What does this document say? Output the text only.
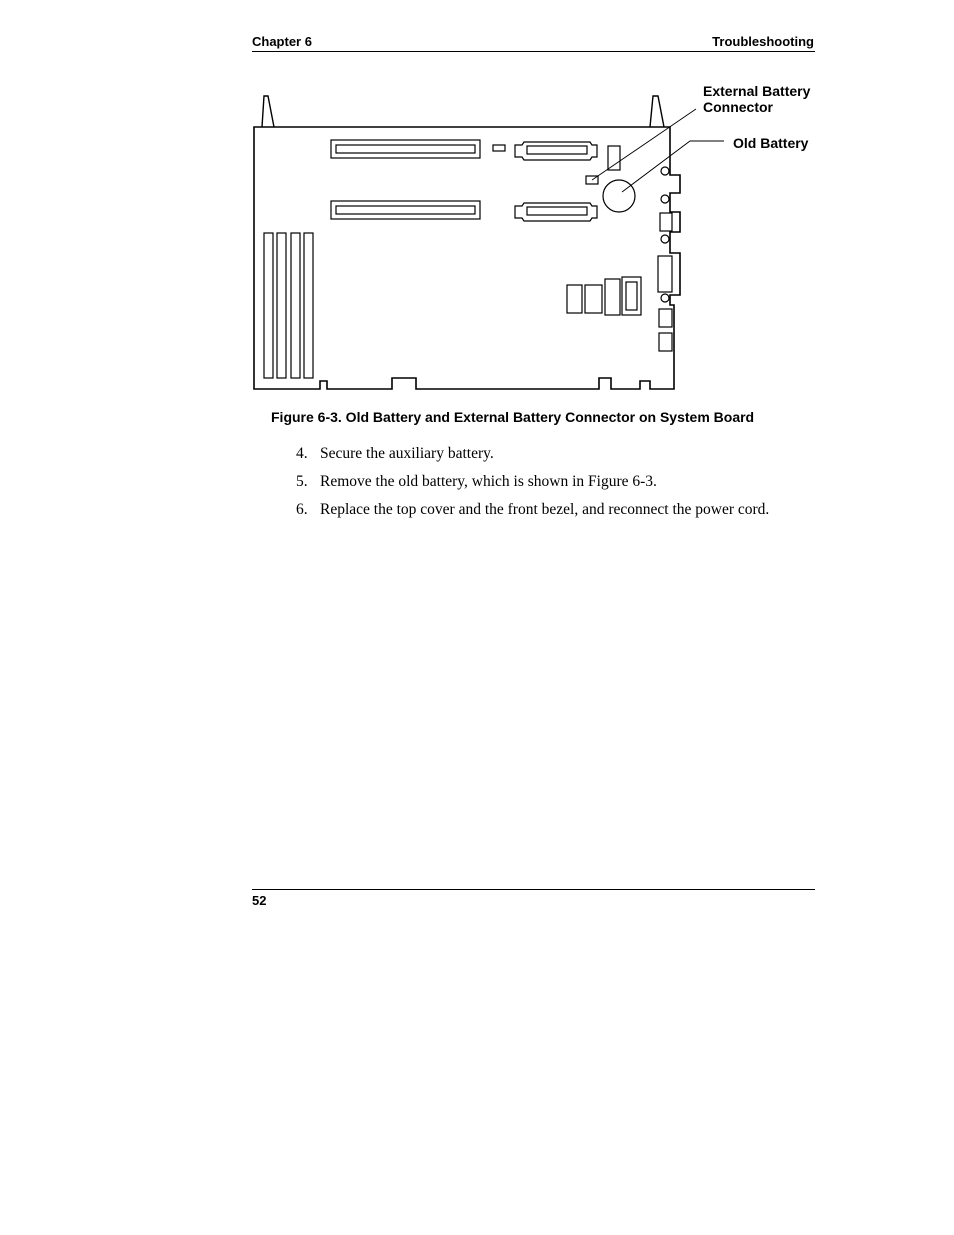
Chapter 6	Troubleshooting
External Battery
Connector
Old Battery
Figure 6-3. Old Battery and External Battery Connector on System Board
4. Secure the auxiliary battery.
5. Remove the old battery, which is shown in Figure 6-3.
6. Replace the top cover and the front bezel, and reconnect the power cord.
52
